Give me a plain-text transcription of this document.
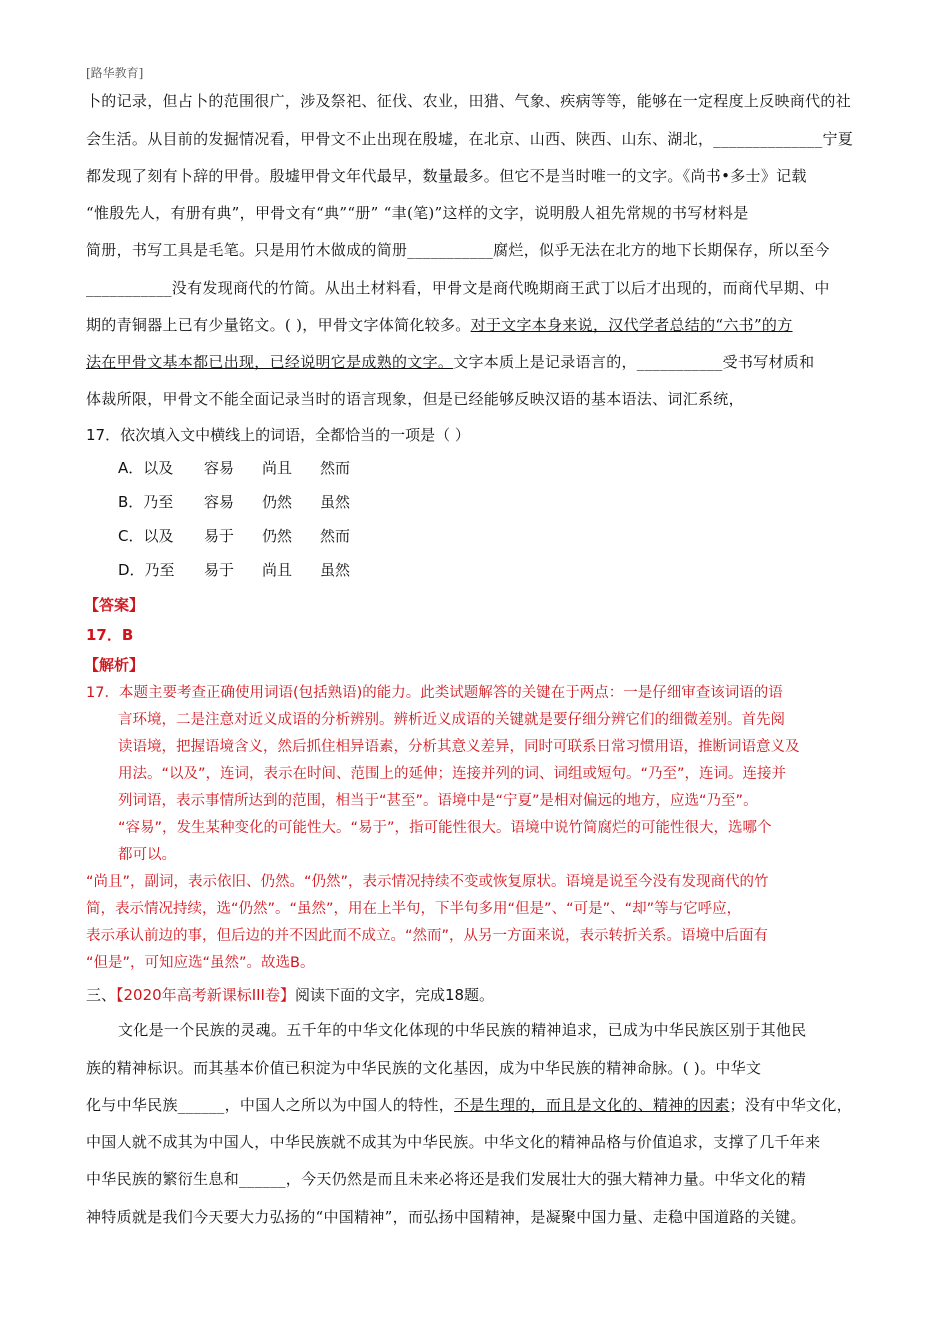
[路华教育]
卜的记录，但占卜的范围很广，涉及祭祀、征伐、农业，田猎、气象、疾病等等，能够在一定程度上反映商代的社
会生活。从目前的发掘情况看，甲骨文不止出现在殷墟，在北京、山西、陕西、山东、湖北，______________宁夏
都发现了刻有卜辞的甲骨。殷墟甲骨文年代最早，数量最多。但它不是当时唯一的文字。《尚书•多士》记载
“惟殷先人，有册有典”，甲骨文有“典”“册” “聿(笔)”这样的文字，说明殷人祖先常规的书写材料是
简册，书写工具是毛笔。只是用竹木做成的简册___________腐烂，似乎无法在北方的地下长期保存，所以至今
___________没有发现商代的竹简。从出土材料看，甲骨文是商代晚期商王武丁以后才出现的，而商代早期、中
期的青铜器上已有少量铭文。( )，甲骨文字体简化较多。对于文字本身来说，汉代学者总结的“六书”的方
法在甲骨文基本都已出现，已经说明它是成熟的文字。文字本质上是记录语言的，___________受书写材质和
体裁所限，甲骨文不能全面记录当时的语言现象，但是已经能够反映汉语的基本语法、词汇系统，
17．依次填入文中横线上的词语，全都恰当的一项是（ ）
A．以及 容易 尚且 然而
B．乃至 容易 仍然 虽然
C．以及 易于 仍然 然而
D．乃至 易于 尚且 虽然
【答案】
17．B
【解析】
17．本题主要考查正确使用词语(包括熟语)的能力。此类试题解答的关键在于两点：一是仔细审查该词语的语
言环境，二是注意对近义成语的分析辨别。辨析近义成语的关键就是要仔细分辨它们的细微差别。首先阅
读语境，把握语境含义，然后抓住相异语素，分析其意义差异，同时可联系日常习惯用语，推断词语意义及
用法。“以及”，连词，表示在时间、范围上的延伸；连接并列的词、词组或短句。“乃至”，连词。连接并
列词语，表示事情所达到的范围，相当于“甚至”。语境中是“宁夏”是相对偏远的地方，应选“乃至”。
“容易”，发生某种变化的可能性大。“易于”，指可能性很大。语境中说竹简腐烂的可能性很大，选哪个
都可以。
“尚且”，副词，表示依旧、仍然。“仍然”，表示情况持续不变或恢复原状。语境是说至今没有发现商代的竹
简，表示情况持续，选“仍然”。“虽然”，用在上半句，下半句多用“但是”、“可是”、“却”等与它呼应，
表示承认前边的事，但后边的并不因此而不成立。“然而”，从另一方面来说，表示转折关系。语境中后面有
“但是”，可知应选“虽然”。故选B。
三、【2020年高考新课标III卷】阅读下面的文字，完成18题。
文化是一个民族的灵魂。五千年的中华文化体现的中华民族的精神追求，已成为中华民族区别于其他民
族的精神标识。而其基本价值已积淀为中华民族的文化基因，成为中华民族的精神命脉。( )。中华文
化与中华民族______，中国人之所以为中国人的特性，不是生理的，而且是文化的、精神的因素；没有中华文化，
中国人就不成其为中国人，中华民族就不成其为中华民族。中华文化的精神品格与价值追求，支撑了几千年来
中华民族的繁衍生息和______，今天仍然是而且未来必将还是我们发展壮大的强大精神力量。中华文化的精
神特质就是我们今天要大力弘扬的“中国精神”，而弘扬中国精神，是凝聚中国力量、走稳中国道路的关键。
